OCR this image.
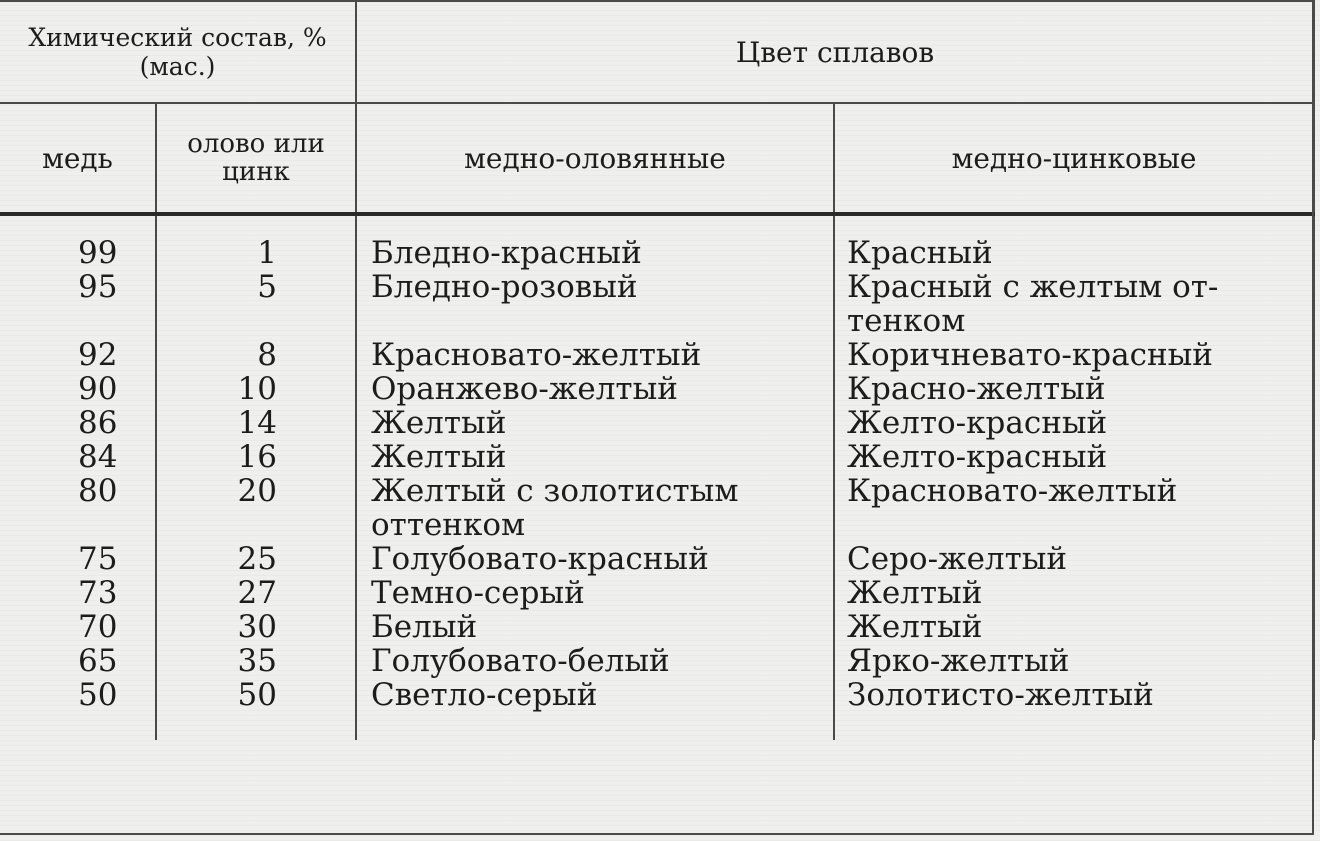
Химический состав, % (мас.)		Цвет сплавов	
медь	олово или цинк	медно-оловянные	медно-цинковые

99	1	Бледно-красный	Красный
95	5	Бледно-розовый	Красный с желтым от-тенком
92	8	Красновато-желтый	Коричневато-красный
90	10	Оранжево-желтый	Красно-желтый
86	14	Желтый	Желто-красный
84	16	Желтый	Желто-красный
80	20	Желтый с золотистым оттенком	Красновато-желтый
75	25	Голубовато-красный	Серо-желтый
73	27	Темно-серый	Желтый
70	30	Белый	Желтый
65	35	Голубовато-белый	Ярко-желтый
50	50	Светло-серый	Золотисто-желтый
